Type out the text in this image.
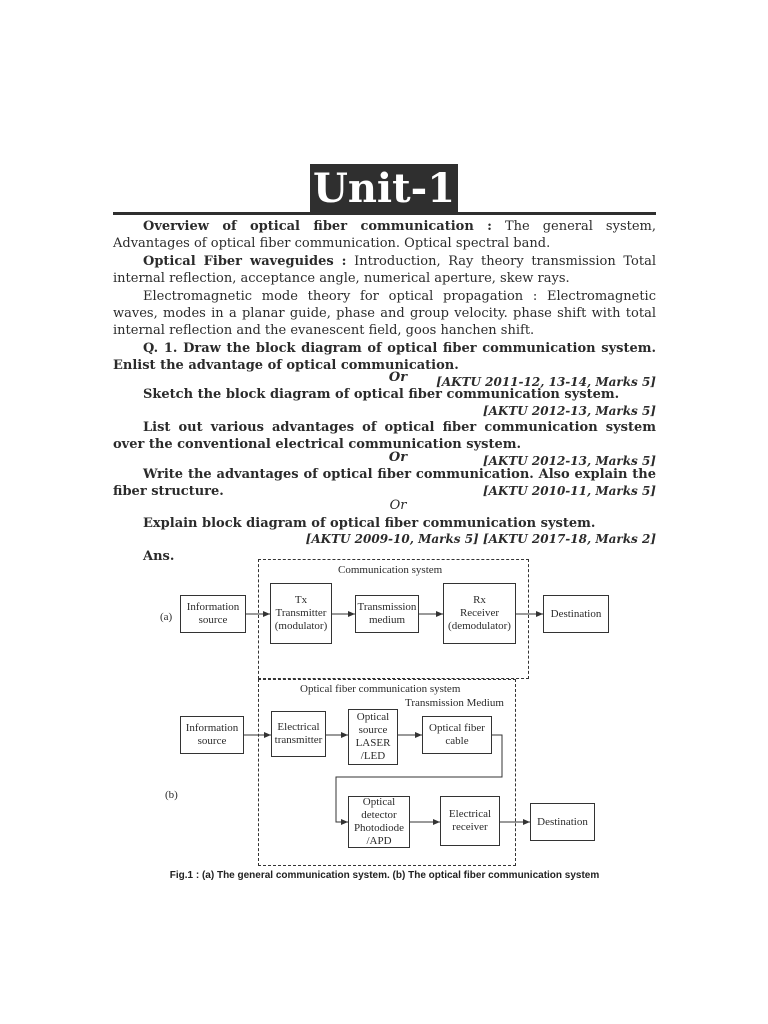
Unit-1
Overview of optical fiber communication : The general system, Advantages of optical fiber communication. Optical spectral band.
Optical Fiber waveguides : Introduction, Ray theory transmission Total internal reflection, acceptance angle, numerical aperture, skew rays.
Electromagnetic mode theory for optical propagation : Electromagnetic waves, modes in a planar guide, phase and group velocity. phase shift with total internal reflection and the evanescent field, goos hanchen shift.
Q. 1. Draw the block diagram of optical fiber communication system. Enlist the advantage of optical communication.
[AKTU 2011-12, 13-14, Marks 5]
Or
Sketch the block diagram of optical fiber communication system.
[AKTU 2012-13, Marks 5]
List out various advantages of optical fiber communication system over the conventional electrical communication system.
[AKTU 2012-13, Marks 5]
Or
Write the advantages of optical fiber communication. Also explain the fiber structure.	[AKTU 2010-11, Marks 5]
Or
Explain block diagram of optical fiber communication system.
[AKTU 2009-10, Marks 5] [AKTU 2017-18, Marks 2]
Ans.
Communication system
(a)
Information
source
Tx
Transmitter
(modulator)
Transmission
medium
Rx
Receiver
(demodulator)
Destination
Optical fiber communication system
Transmission Medium
(b)
Information
source
Electrical
transmitter
Optical
source
LASER
/LED
Optical fiber
cable
Optical
detector
Photodiode
/APD
Electrical
receiver	Destination
Fig.1 : (a) The general communication system. (b) The optical fiber communication system
